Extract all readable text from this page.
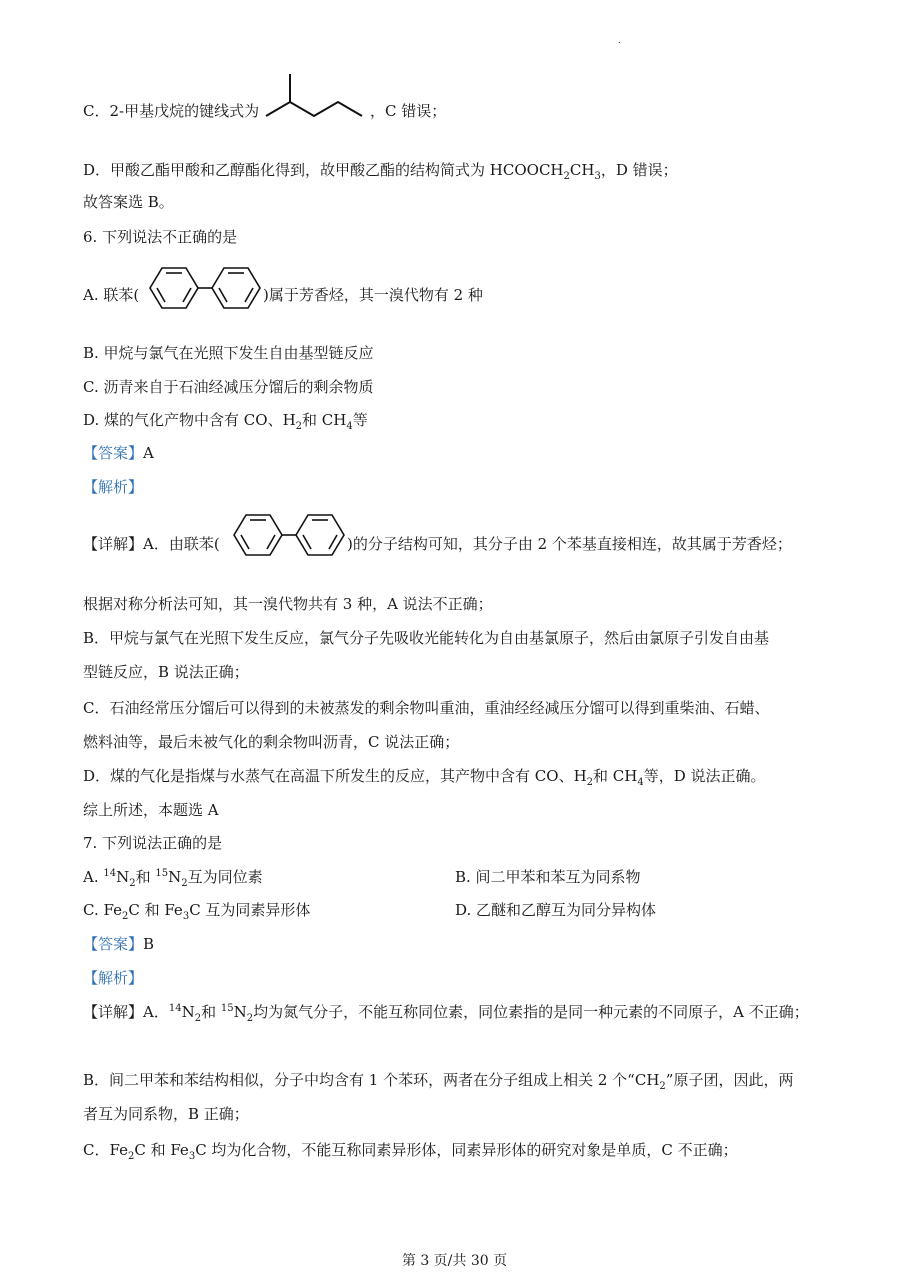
.
C．2-甲基戊烷的键线式为	，C 错误；
D．甲酸乙酯甲酸和乙醇酯化得到，故甲酸乙酯的结构简式为 $HCOOCH_2CH_3$，D 错误；
故答案选 B。
6. 下列说法不正确的是
A. 联苯(	)属于芳香烃，其一溴代物有 2 种
B. 甲烷与氯气在光照下发生自由基型链反应
C. 沥青来自于石油经减压分馏后的剩余物质
D. 煤的气化产物中含有 CO、$H_2$和 $CH_4$等
【答案】A
【解析】
【详解】A．由联苯(	)的分子结构可知，其分子由 2 个苯基直接相连，故其属于芳香烃；
根据对称分析法可知，其一溴代物共有 3 种，A 说法不正确；
B．甲烷与氯气在光照下发生反应，氯气分子先吸收光能转化为自由基氯原子，然后由氯原子引发自由基
型链反应，B 说法正确；
C．石油经常压分馏后可以得到的未被蒸发的剩余物叫重油，重油经经减压分馏可以得到重柴油、石蜡、
燃料油等，最后未被气化的剩余物叫沥青，C 说法正确；
D．煤的气化是指煤与水蒸气在高温下所发生的反应，其产物中含有 CO、$H_2$和 $CH_4$等，D 说法正确。
综上所述，本题选 A
7. 下列说法正确的是
A. $^{14}N_2$和 $^{15}N_2$互为同位素	B. 间二甲苯和苯互为同系物
C. $Fe_2C$ 和 $Fe_3C$ 互为同素异形体	D. 乙醚和乙醇互为同分异构体
【答案】B
【解析】
【详解】A．$^{14}N_2$和 $^{15}N_2$均为氮气分子，不能互称同位素，同位素指的是同一种元素的不同原子，A 不正确；
B．间二甲苯和苯结构相似，分子中均含有 1 个苯环，两者在分子组成上相关 2 个“$CH_2$”原子团，因此，两
者互为同系物，B 正确；
C．$Fe_2C$ 和 $Fe_3C$ 均为化合物，不能互称同素异形体，同素异形体的研究对象是单质，C 不正确；
第 3 页/共 30 页
